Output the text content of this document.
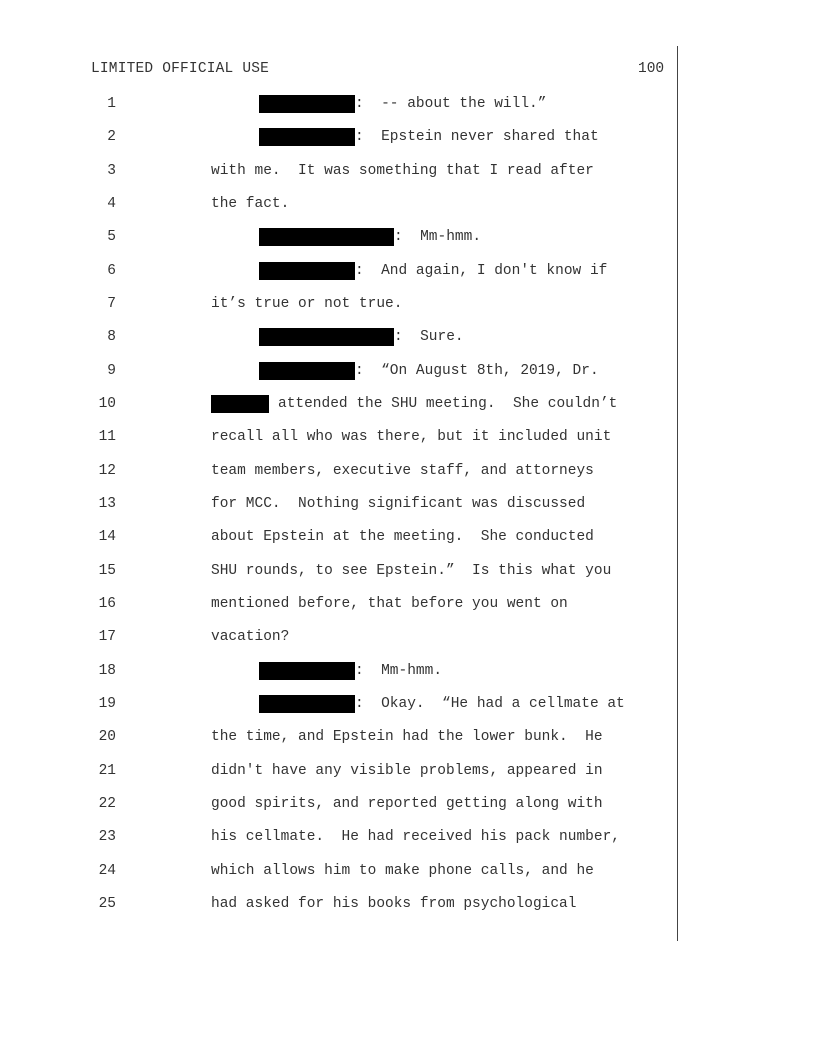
LIMITED OFFICIAL USE	100
1	:  -- about the will.”
2	:  Epstein never shared that
3	with me.  It was something that I read after
4	the fact.
5	:  Mm-hmm.
6	:  And again, I don't know if
7	it’s true or not true.
8	:  Sure.
9	:  “On August 8th, 2019, Dr.
10	attended the SHU meeting.  She couldn’t
11	recall all who was there, but it included unit
12	team members, executive staff, and attorneys
13	for MCC.  Nothing significant was discussed
14	about Epstein at the meeting.  She conducted
15	SHU rounds, to see Epstein.”  Is this what you
16	mentioned before, that before you went on
17	vacation?
18	:  Mm-hmm.
19	:  Okay.  “He had a cellmate at
20	the time, and Epstein had the lower bunk.  He
21	didn't have any visible problems, appeared in
22	good spirits, and reported getting along with
23	his cellmate.  He had received his pack number,
24	which allows him to make phone calls, and he
25	had asked for his books from psychological
